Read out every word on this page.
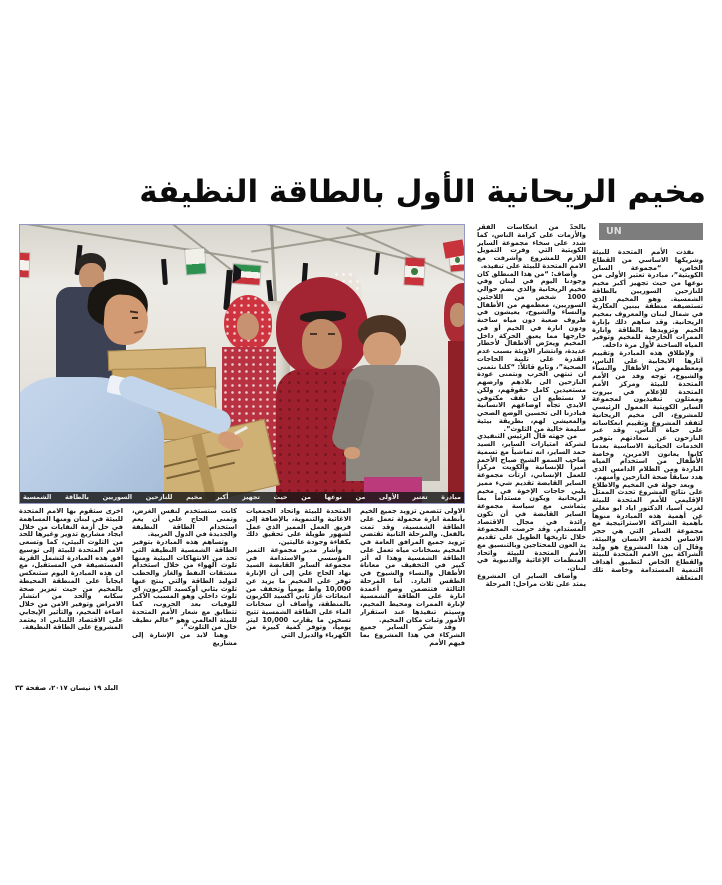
مخيم الريحانية الأول بالطاقة النظيفة
مبادرة تعتبر الأولى من نوعها من حيث تجهيز أكبر مخيم للنازحين السوريين بالطاقة الشمسية
UN

نفذت الأمم المتحدة للبيئة وشريكها الاساسي من القطاع الخاص، “مجموعة الساير الكويتية”، مبادرة تعتبر الأولى من نوعها من حيث تجهيز أكبر مخيم للنازحين السوريين بالطاقة الشمسية. وهو المخيم الذي تستضيفه منطقة ببنين العكارية في شمال لبنان والمعروف بمخيم الريحانية. وقد ساهم ذلك بإنارة الخيم وتزويدها بالطاقة وانارة الممرات الخارجية للمخيم وتوفير المياه الساخنة لأول مرة داخله.

ولإطلاق هذه المبادرة وتقييم آثارها الايجابية على الناس، ومعظمهم من الأطفال والنساء والشيوخ، توجه وفد من الأمم المتحدة للبيئة ومركز الأمم المتحدة للإعلام في بيروت وممثلون تنفيذيون لمجموعة الساير الكويتية الممول الرئيسي للمشروع، الى مخيم الريحانية لتفقد المشروع وتقييم انعكاساته على حياة الناس. وقد عبر النازحون عن سعادتهم بتوفير الخدمات الحياتية الاساسية بعدما كانوا يعانون الامرين، وخاصة الأطفال من استخدام المياه الباردة ومن الظلام الدامس الذي هدد سابقاً صحة النازحين وأمنهم.

وبعد جولة في المخيم والاطلاع على نتائج المشروع تحدث الممثل الإقليمي للأمم المتحدة للبيئة لغرب آسيا، الدكتور اياد ابو مغلي عن أهمية هذه المبادرة منوهاً بأهمية الشراكة الاستراتيجية مع مجموعة الساير التي هي حجر الاساس لخدمة الانسان والبيئة. وقال إن هذا المشروع هو وليد الشراكة بين الامم المتحدة للبيئة والقطاع الخاص لتطبيق أهداف التنمية المستدامة وخاصة تلك المتعلقة

بالحدّ من انعكاسات الفقر والأزمات على كرامة الناس، كما شدد على سخاء مجموعة الساير الكويتية التي وفرت التمويل اللازم للمشروع وأشرفت مع الامم المتحدة للبيئة على تنفيذه.

وأضاف: “من هذا المنطلق كان وجودنا اليوم في لبنان وفي مخيم الريحانية والذي يضم حوالي 1000 شخص من اللاجئين السوريين، معظمهم من الأطفال والنساء والشيوخ، يعيشون في ظروف صعبة دون مياه ساخنة ودون انارة في الخيم أو في خارجها مما يعيق الحركة داخل المخيم ويعرّض الاطفال لأخطار عديدة، وانتشار الاوبئة بسبب عدم القدرة على تلبية الحاجات الصحية”، وتابع قائلاً: “كلنا نتمنى ان تنتهي الحرب ونتمنى عودة النازحين الى بلادهم وارضهم مستعيدين كامل حقوقهم، ولكن لا نستطيع ان نقف مكتوفي الايدي تجاه اوضاعهم الانسانية فبادرنا الى تحسين الوضع الصحي والمعيشي لهم، بطريقة بيئية سليمة خالية من التلوث”.

من جهته قال الرئيس التنفيذي لشركة امتيازات الساير، السيد حمد الساير، انه تماشياً مع تسمية صاحب السمو الشيخ صباح الأحمد أميراً للإنسانية والكويت مركزاً للعمل الإنساني، ارتأت مجموعة الساير القابضة تقديم شيء مميز يلبي حاجات الإخوة في مخيم الريحانية ويكون مستداماً بما يتماشى مع سياسة مجموعة الساير القابضة في أن تكون رائدة في مجال الاقتصاد المستدام. وقد حرصت المجموعة خلال تاريخها الطويل على تقديم يد العون للمحتاجين وبالتنسيق مع الأمم المتحدة للبيئة واتحاد المنظمات الإغاثية والدنيوية في لبنان.

وأضاف الساير ان المشروع يمتد على ثلاث مراحل: المرحلة

الأولى تتضمن تزويد جميع الخيم بأنظمة انارة محمولة تعمل على الطاقة الشمسية، وقد تمت بالفعل. والمرحلة الثانية تقتضي تزويد جميع المرافق العامة في المخيم بسخانات مياه تعمل على الطاقة الشمسية وهذا له أثر كبير في التخفيف من معاناة الأطفال والنساء والشيوخ في الطقس البارد. أما المرحلة الثالثة فتتضمن وضع أعمدة انارة على الطاقة الشمسية لإنارة الممرات ومحيط المخيم، وسيتم تنفيذها عند استقرار الأمور وثبات مكان المخيم.

وقد شكر الساير جميع الشركاء في هذا المشروع بما فيهم الأمم

المتحدة للبيئة واتحاد الجمعيات الاغاثية والتنموية، بالإضافة إلى فريق العمل المميز الذي عمل لشهور طويلة على تحقيق ذلك بكفاءة وجودة عاليتين.

وأشار مدير مجموعة التميز المؤسسي والاستدامة في مجموعة الساير القابضة السيد نهاد الحاج علي إلى أن الإنارة توفر على المخيم ما يزيد عن 10,000 واط يومياً وتخفف من انبعاثات غاز ثاني أكسيد الكربون بالمنطقة، وأضاف أن سخانات الماء على الطاقة الشمسية تتيح تسخين ما يقارب 10,000 ليتر يومياً، وتوفر كمية كبيرة من الكهرباء والديزل التي

كانت ستستخدم لنفس الغرض، وتمنى الحاج علي أن يعم استخدام الطاقة النظيفة والجديدة في الدول العربية.

وتساهم هذه المبادرة بتوفير الطاقة الشمسية النظيفة التي تحد من الانتهاكات البيئية ومنها تلوث الهواء من خلال استخدام مشتقات النفط والغاز والحطب لتوليد الطاقة والتي ينتج عنها تلوث بثاني أوكسيد الكربون، اي تلوث داخلي وهو المسبب الأكبر للوفيات بعد الحروب، كما تتطابق مع شعار الأمم المتحدة للبيئة العالمي وهو “عالم نظيف خال من التلوث”.

وهنا لابد من الإشارة إلى مشاريع

اخرى ستقوم بها الامم المتحدة للبيئة في لبنان ومنها المساهمة في حل أزمة النفايات من خلال ايجاد مشاريع تدوير وغيرها للحد من التلوث البيئي، كما وتسعى الامم المتحدة للبيئة إلى توسيع افق هذه المبادرة لتشمل القرية المستضيفة في المستقبل، مع ان هذه المبادرة اليوم ستنعكس ايجاباً على المنطقة المحيطة بالمخيم من حيث تعزيز صحة سكانه والحد من انتشار الامراض وتوفير الامن من خلال اضاءة المخيم، والتأثير الإيجابي على الاقتصاد اللبناني اذ يعتمد المشروع على الطاقة النظيفة.

البلد ١٩ نيسان ٢٠١٧، صفحة ٣٣
